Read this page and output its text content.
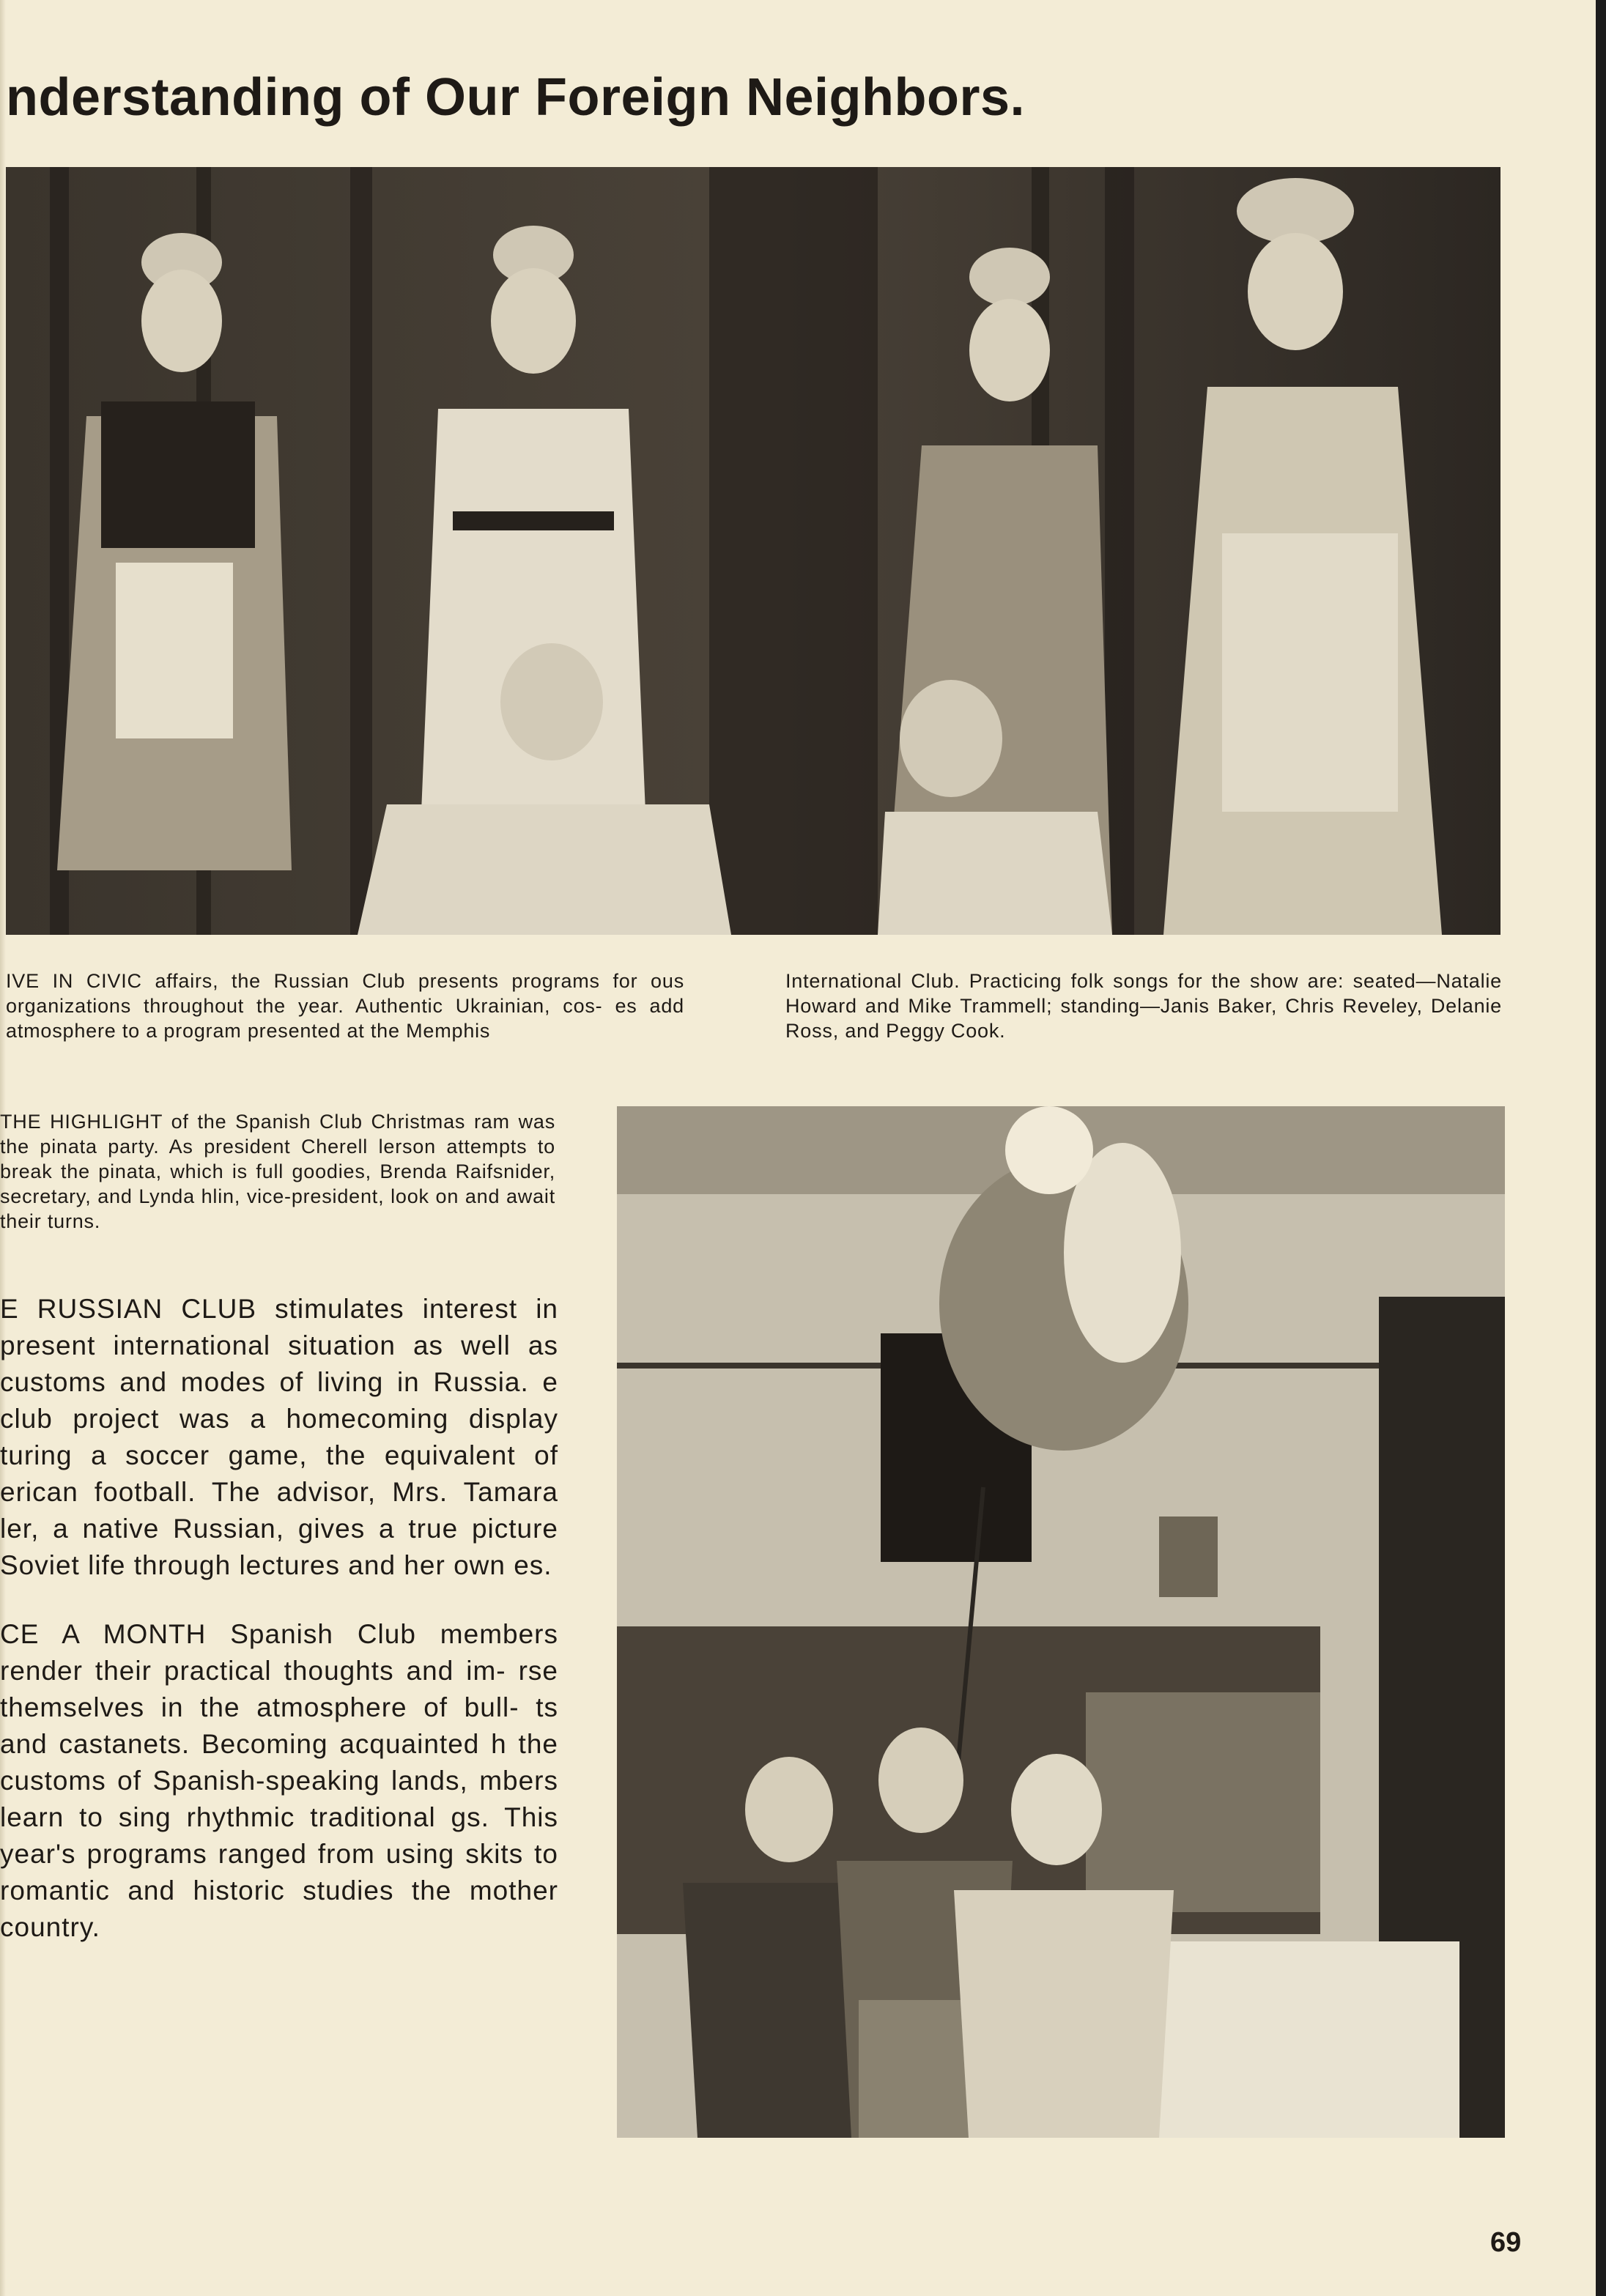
nderstanding of Our Foreign Neighbors.
IVE IN CIVIC affairs, the Russian Club presents programs for ous organizations throughout the year. Authentic Ukrainian, cos- es add atmosphere to a program presented at the Memphis
International Club. Practicing folk songs for the show are: seated—Natalie Howard and Mike Trammell; standing—Janis Baker, Chris Reveley, Delanie Ross, and Peggy Cook.
THE HIGHLIGHT of the Spanish Club Christmas ram was the pinata party. As president Cherell lerson attempts to break the pinata, which is full goodies, Brenda Raifsnider, secretary, and Lynda hlin, vice-president, look on and await their turns.

E RUSSIAN CLUB stimulates interest in present international situation as well as customs and modes of living in Russia. e club project was a homecoming display turing a soccer game, the equivalent of erican football. The advisor, Mrs. Tamara ler, a native Russian, gives a true picture Soviet life through lectures and her own es.

CE A MONTH Spanish Club members render their practical thoughts and im- rse themselves in the atmosphere of bull- ts and castanets. Becoming acquainted h the customs of Spanish-speaking lands, mbers learn to sing rhythmic traditional gs. This year's programs ranged from using skits to romantic and historic studies the mother country.

69
